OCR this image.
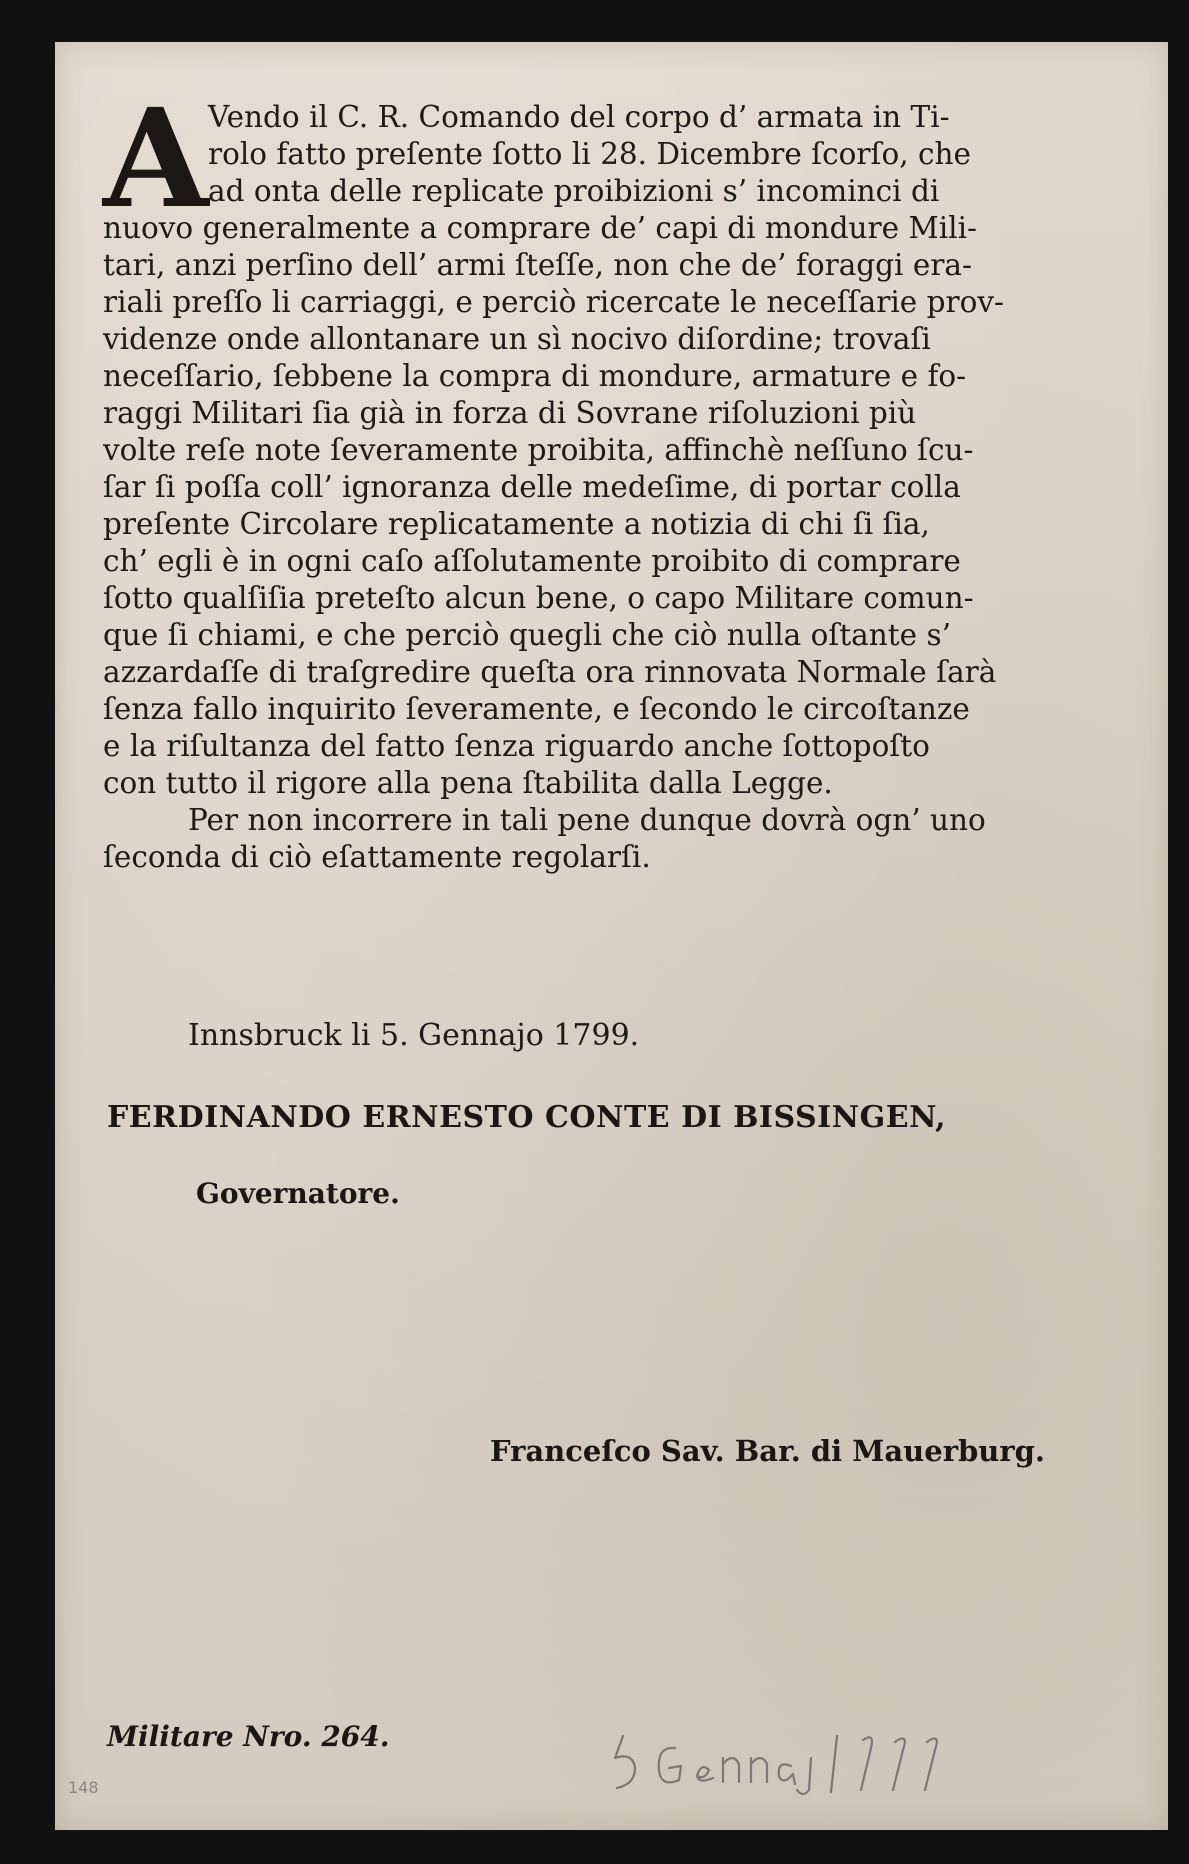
A Vendo il C. R. Comando del corpo d’ armata in Ti-
rolo fatto preſente ſotto li 28. Dicembre ſcorſo, che
ad onta delle replicate proibizioni s’ incominci di
nuovo generalmente a comprare de’ capi di mondure Mili-
tari, anzi perſino dell’ armi ſteſſe, non che de’ foraggi era-
riali preſſo li carriaggi, e perciò ricercate le neceſſarie prov-
videnze onde allontanare un sì nocivo diſordine; trovaſi
neceſſario, ſebbene la compra di mondure, armature e fo-
raggi Militari ſia già in forza di Sovrane riſoluzioni più
volte reſe note ſeveramente proibita, affinchè neſſuno ſcu-
ſar ſi poſſa coll’ ignoranza delle medeſime, di portar colla
preſente Circolare replicatamente a notizia di chi ſi ſia,
ch’ egli è in ogni caſo aſſolutamente proibito di comprare
ſotto qualſiſia preteſto alcun bene, o capo Militare comun-
que ſi chiami, e che perciò quegli che ciò nulla oſtante s’
azzardaſſe di traſgredire queſta ora rinnovata Normale ſarà
ſenza fallo inquirito ſeveramente, e ſecondo le circoſtanze
e la riſultanza del fatto ſenza riguardo anche ſottopoſto
con tutto il rigore alla pena ſtabilita dalla Legge.
Per non incorrere in tali pene dunque dovrà ogn’ uno
ſeconda di ciò eſattamente regolarſi.
Innsbruck li 5. Gennajo 1799.
FERDINANDO ERNESTO CONTE DI BISSINGEN,
Governatore.
Franceſco Sav. Bar. di Mauerburg.
Militare Nro. 264.
148
